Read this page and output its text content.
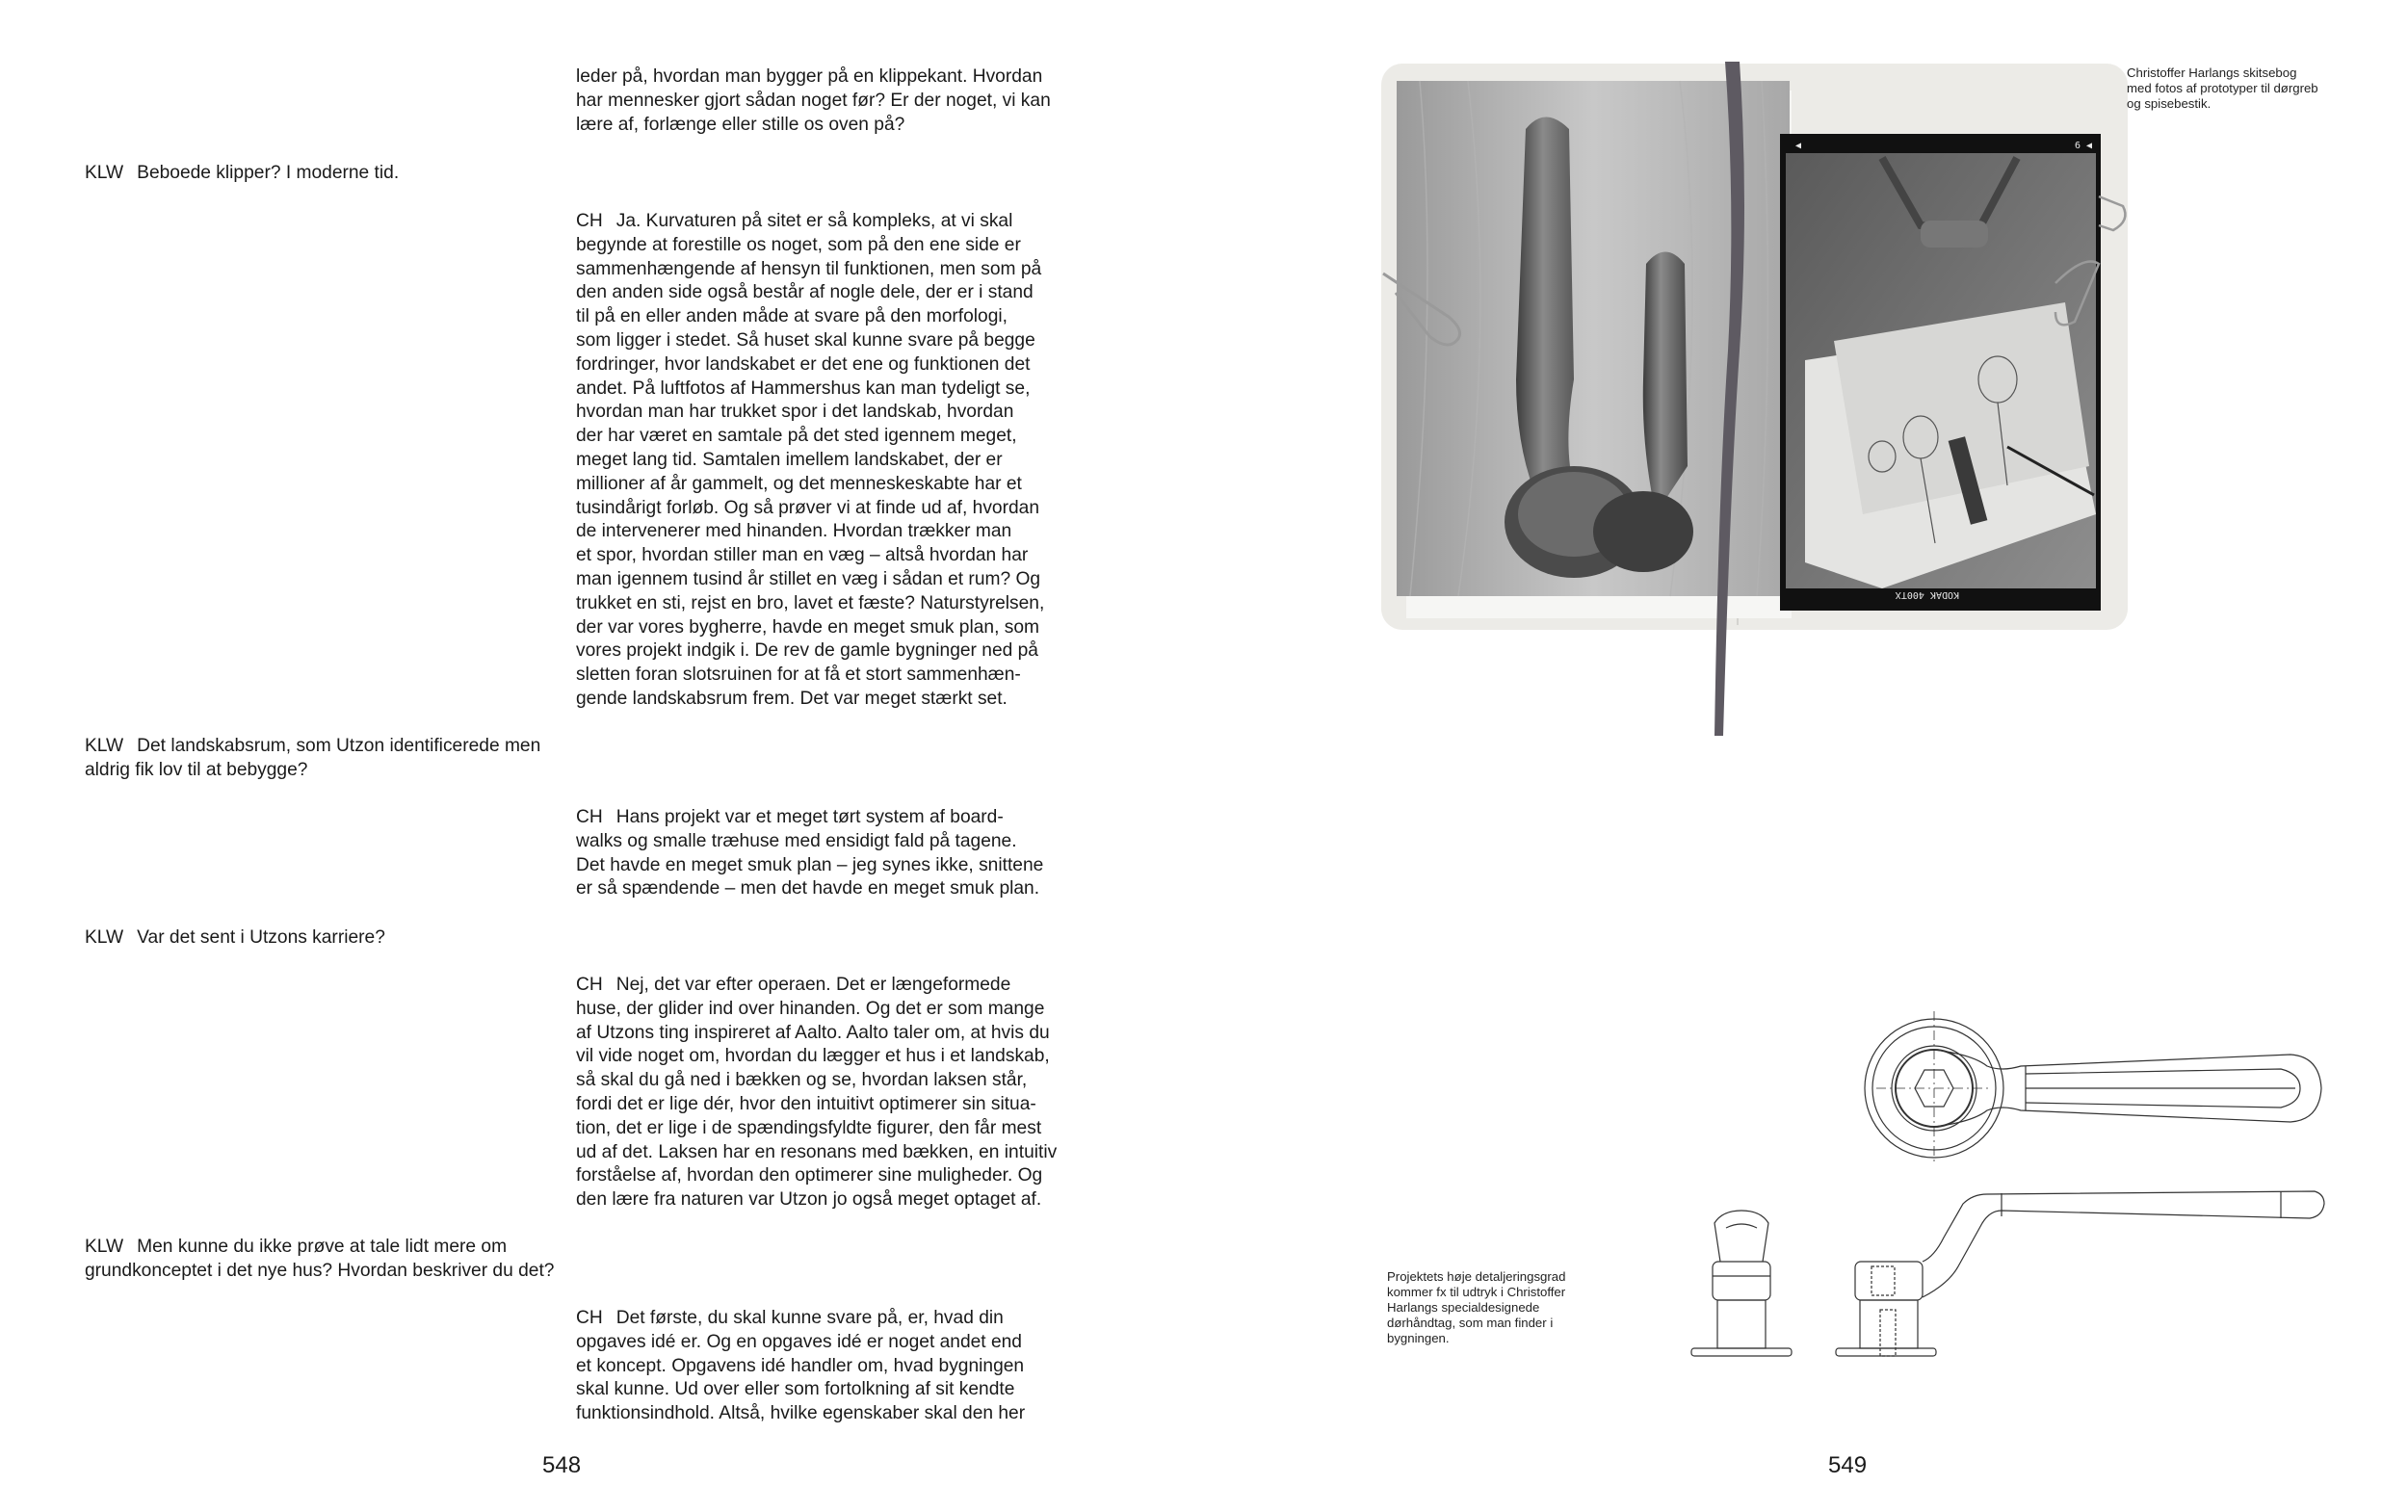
leder på, hvordan man bygger på en klippekant. Hvordan
har mennesker gjort sådan noget før? Er der noget, vi kan
lære af, forlænge eller stille os oven på?
KLW Beboede klipper? I moderne tid.
CH Ja. Kurvaturen på sitet er så kompleks, at vi skal
begynde at forestille os noget, som på den ene side er
sammenhængende af hensyn til funktionen, men som på
den anden side også består af nogle dele, der er i stand
til på en eller anden måde at svare på den morfologi,
som ligger i stedet. Så huset skal kunne svare på begge
fordringer, hvor landskabet er det ene og funktionen det
andet. På luftfotos af Hammershus kan man tydeligt se,
hvordan man har trukket spor i det landskab, hvordan
der har været en samtale på det sted igennem meget,
meget lang tid. Samtalen imellem landskabet, der er
millioner af år gammelt, og det menneskeskabte har et
tusindårigt forløb. Og så prøver vi at finde ud af, hvordan
de intervenerer med hinanden. Hvordan trækker man
et spor, hvordan stiller man en væg – altså hvordan har
man igennem tusind år stillet en væg i sådan et rum? Og
trukket en sti, rejst en bro, lavet et fæste? Naturstyrelsen,
der var vores bygherre, havde en meget smuk plan, som
vores projekt indgik i. De rev de gamle bygninger ned på
sletten foran slotsruinen for at få et stort sammenhæn-
gende landskabsrum frem. Det var meget stærkt set.
KLW Det landskabsrum, som Utzon identificerede men
aldrig fik lov til at bebygge?
CH Hans projekt var et meget tørt system af board-
walks og smalle træhuse med ensidigt fald på tagene.
Det havde en meget smuk plan – jeg synes ikke, snittene
er så spændende – men det havde en meget smuk plan.
KLW Var det sent i Utzons karriere?
CH Nej, det var efter operaen. Det er længeformede
huse, der glider ind over hinanden. Og det er som mange
af Utzons ting inspireret af Aalto. Aalto taler om, at hvis du
vil vide noget om, hvordan du lægger et hus i et landskab,
så skal du gå ned i bækken og se, hvordan laksen står,
fordi det er lige dér, hvor den intuitivt optimerer sin situa-
tion, det er lige i de spændingsfyldte figurer, den får mest
ud af det. Laksen har en resonans med bækken, en intuitiv
forståelse af, hvordan den optimerer sine muligheder. Og
den lære fra naturen var Utzon jo også meget optaget af.
KLW Men kunne du ikke prøve at tale lidt mere om
grundkonceptet i det nye hus? Hvordan beskriver du det?
CH Det første, du skal kunne svare på, er, hvad din
opgaves idé er. Og en opgaves idé er noget andet end
et koncept. Opgavens idé handler om, hvad bygningen
skal kunne. Ud over eller som fortolkning af sit kendte
funktionsindhold. Altså, hvilke egenskaber skal den her
548
KODAK 400TX
6 ◀
◀
Christoffer Harlangs skitsebog
med fotos af prototyper til dørgreb
og spisebestik.
Projektets høje detaljeringsgrad
kommer fx til udtryk i Christoffer
Harlangs specialdesignede
dørhåndtag, som man finder i
bygningen.
549
